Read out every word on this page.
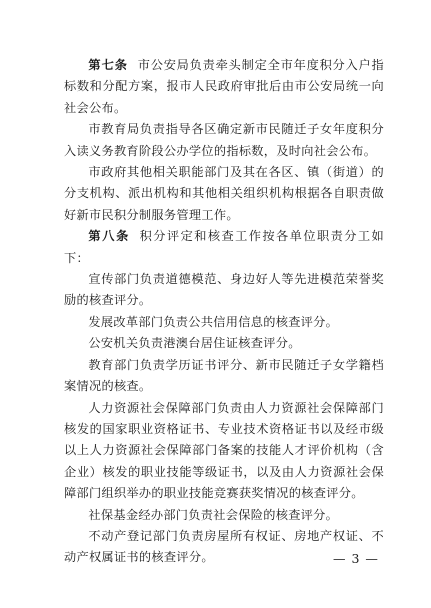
第七条 市公安局负责牵头制定全市年度积分入户指标数和分配方案，报市人民政府审批后由市公安局统一向社会公布。

市教育局负责指导各区确定新市民随迁子女年度积分入读义务教育阶段公办学位的指标数，及时向社会公布。

市政府其他相关职能部门及其在各区、镇（街道）的分支机构、派出机构和其他相关组织机构根据各自职责做好新市民积分制服务管理工作。

第八条 积分评定和核查工作按各单位职责分工如下：

宣传部门负责道德模范、身边好人等先进模范荣誉奖励的核查评分。

发展改革部门负责公共信用信息的核查评分。

公安机关负责港澳台居住证核查评分。

教育部门负责学历证书评分、新市民随迁子女学籍档案情况的核查。

人力资源社会保障部门负责由人力资源社会保障部门核发的国家职业资格证书、专业技术资格证书以及经市级以上人力资源社会保障部门备案的技能人才评价机构（含企业）核发的职业技能等级证书，以及由人力资源社会保障部门组织举办的职业技能竞赛获奖情况的核查评分。

社保基金经办部门负责社会保险的核查评分。

不动产登记部门负责房屋所有权证、房地产权证、不动产权属证书的核查评分。	— 3 —
